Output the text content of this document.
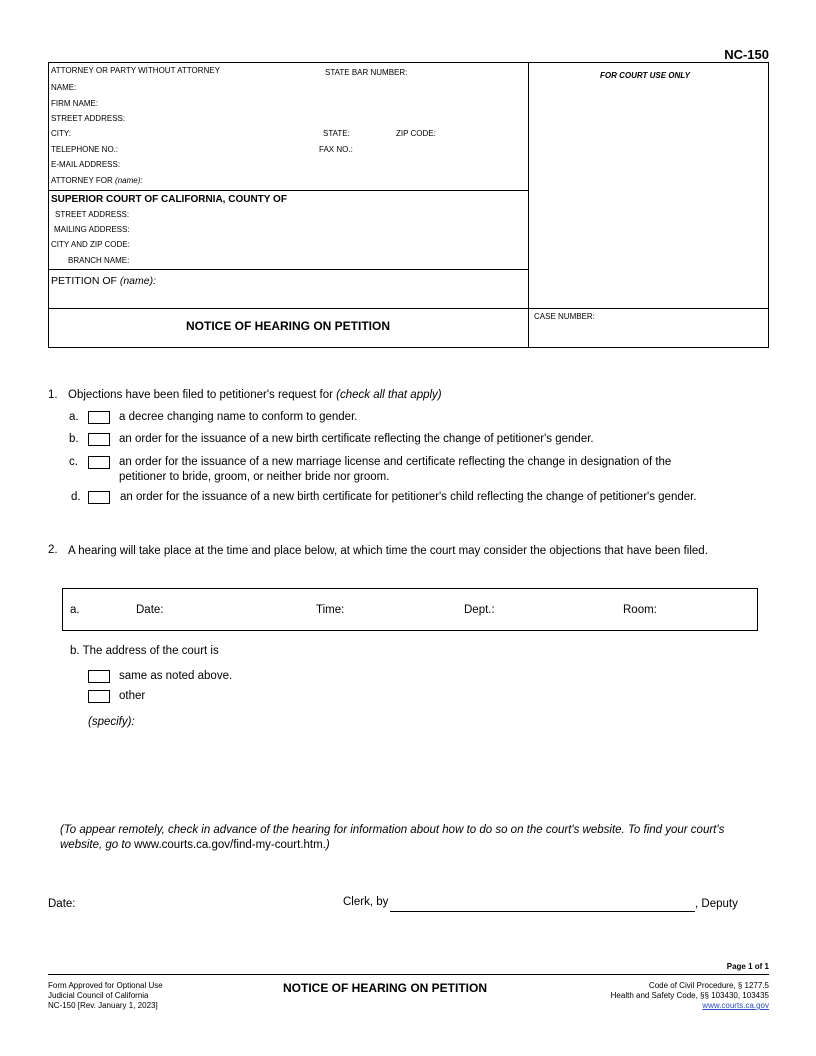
NC-150
ATTORNEY OR PARTY WITHOUT ATTORNEY	STATE BAR NUMBER:	FOR COURT USE ONLY
NAME:
FIRM NAME:
STREET ADDRESS:
CITY:	STATE:	ZIP CODE:
TELEPHONE NO.:	FAX NO.:
E-MAIL ADDRESS:
ATTORNEY FOR (name):
SUPERIOR COURT OF CALIFORNIA, COUNTY OF
STREET ADDRESS:
MAILING ADDRESS:
CITY AND ZIP CODE:
BRANCH NAME:
PETITION OF (name):
NOTICE OF HEARING ON PETITION
CASE NUMBER:
1. Objections have been filed to petitioner's request for (check all that apply)
a.	a decree changing name to conform to gender.
b.	an order for the issuance of a new birth certificate reflecting the change of petitioner's gender.
c.	an order for the issuance of a new marriage license and certificate reflecting the change in designation of the
petitioner to bride, groom, or neither bride nor groom.
d.	an order for the issuance of a new birth certificate for petitioner's child reflecting the change of petitioner's gender.
2. A hearing will take place at the time and place below, at which time the court may consider the objections that have been filed.
a.	Date:	Time:	Dept.:	Room:
b. The address of the court is
same as noted above.
other
(specify):
(To appear remotely, check in advance of the hearing for information about how to do so on the court's website. To find your court's
website, go to www.courts.ca.gov/find-my-court.htm.)
Date:	Clerk, by	, Deputy
Page 1 of 1
Form Approved for Optional Use
Judicial Council of California
NC-150 [Rev. January 1, 2023]
NOTICE OF HEARING ON PETITION	Code of Civil Procedure, § 1277.5
Health and Safety Code, §§ 103430, 103435
www.courts.ca.gov
